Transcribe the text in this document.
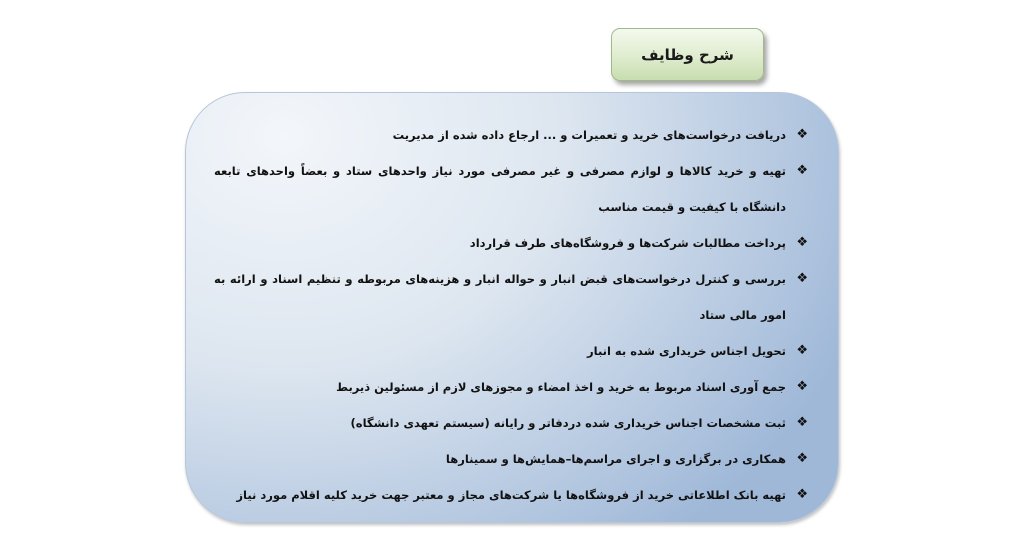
شرح وظایف
❖
دریافت درخواست‌های خرید و تعمیرات و ... ارجاع داده شده از مدیریت
❖
تهیه و خرید کالاها و لوازم مصرفی و غیر مصرفی مورد نیاز واحدهای ستاد و بعضاً واحدهای تابعه دانشگاه با کیفیت و قیمت مناسب
❖
پرداخت مطالبات شرکت‌ها و فروشگاه‌های طرف قرارداد
❖
بررسی و کنترل درخواست‌های قبض انبار و حواله انبار و هزینه‌های مربوطه و تنظیم اسناد و ارائه به امور مالی ستاد
❖
تحویل اجناس خریداری شده به انبار
❖
جمع آوری اسناد مربوط به خرید و اخذ امضاء و مجوزهای لازم از مسئولین ذیربط
❖
ثبت مشخصات اجناس خریداری شده دردفاتر و رایانه (سیستم تعهدی دانشگاه)
❖
همکاری در برگزاری و اجرای مراسم‌ها–همایش‌ها و سمینارها
❖
تهیه بانک اطلاعاتی خرید از فروشگاه‌ها یا شرکت‌های مجاز و معتبر جهت خرید کلیه اقلام مورد نیاز
